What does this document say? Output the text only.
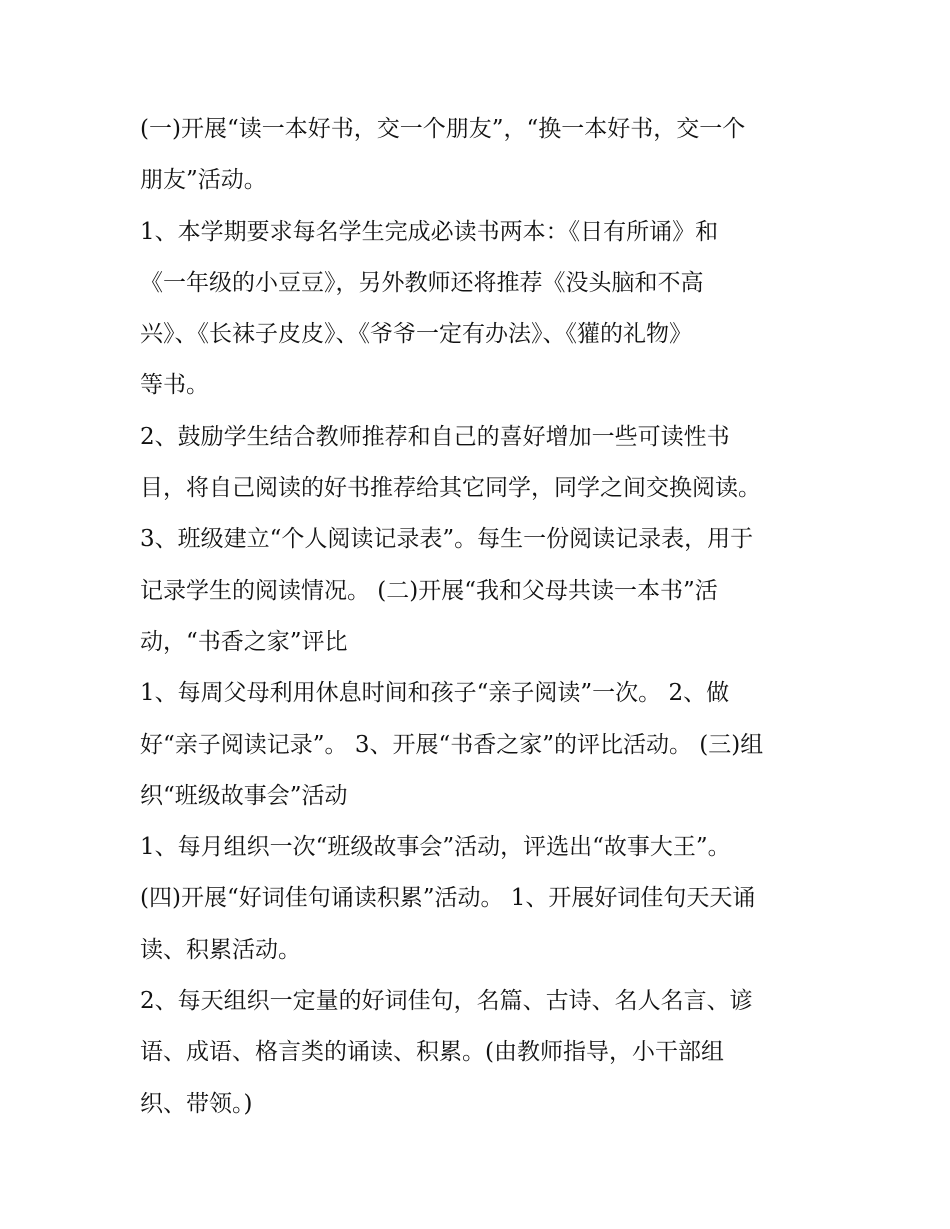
(一)开展“读一本好书，交一个朋友”，“换一本好书，交一个
朋友”活动。

1、本学期要求每名学生完成必读书两本：《日有所诵》和
《一年级的小豆豆》，另外教师还将推荐《没头脑和不高
兴》、《长袜子皮皮》、《爷爷一定有办法》、《獾的礼物》
等书。

2、鼓励学生结合教师推荐和自己的喜好增加一些可读性书
目，将自己阅读的好书推荐给其它同学，同学之间交换阅读。

3、班级建立“个人阅读记录表”。每生一份阅读记录表，用于
记录学生的阅读情况。 (二)开展“我和父母共读一本书”活
动，“书香之家”评比

1、每周父母利用休息时间和孩子“亲子阅读”一次。 2、做
好“亲子阅读记录”。 3、开展“书香之家”的评比活动。 (三)组
织“班级故事会”活动

1、每月组织一次“班级故事会”活动，评选出“故事大王”。

(四)开展“好词佳句诵读积累”活动。 1、开展好词佳句天天诵
读、积累活动。

2、每天组织一定量的好词佳句，名篇、古诗、名人名言、谚
语、成语、格言类的诵读、积累。(由教师指导，小干部组
织、带领。)
